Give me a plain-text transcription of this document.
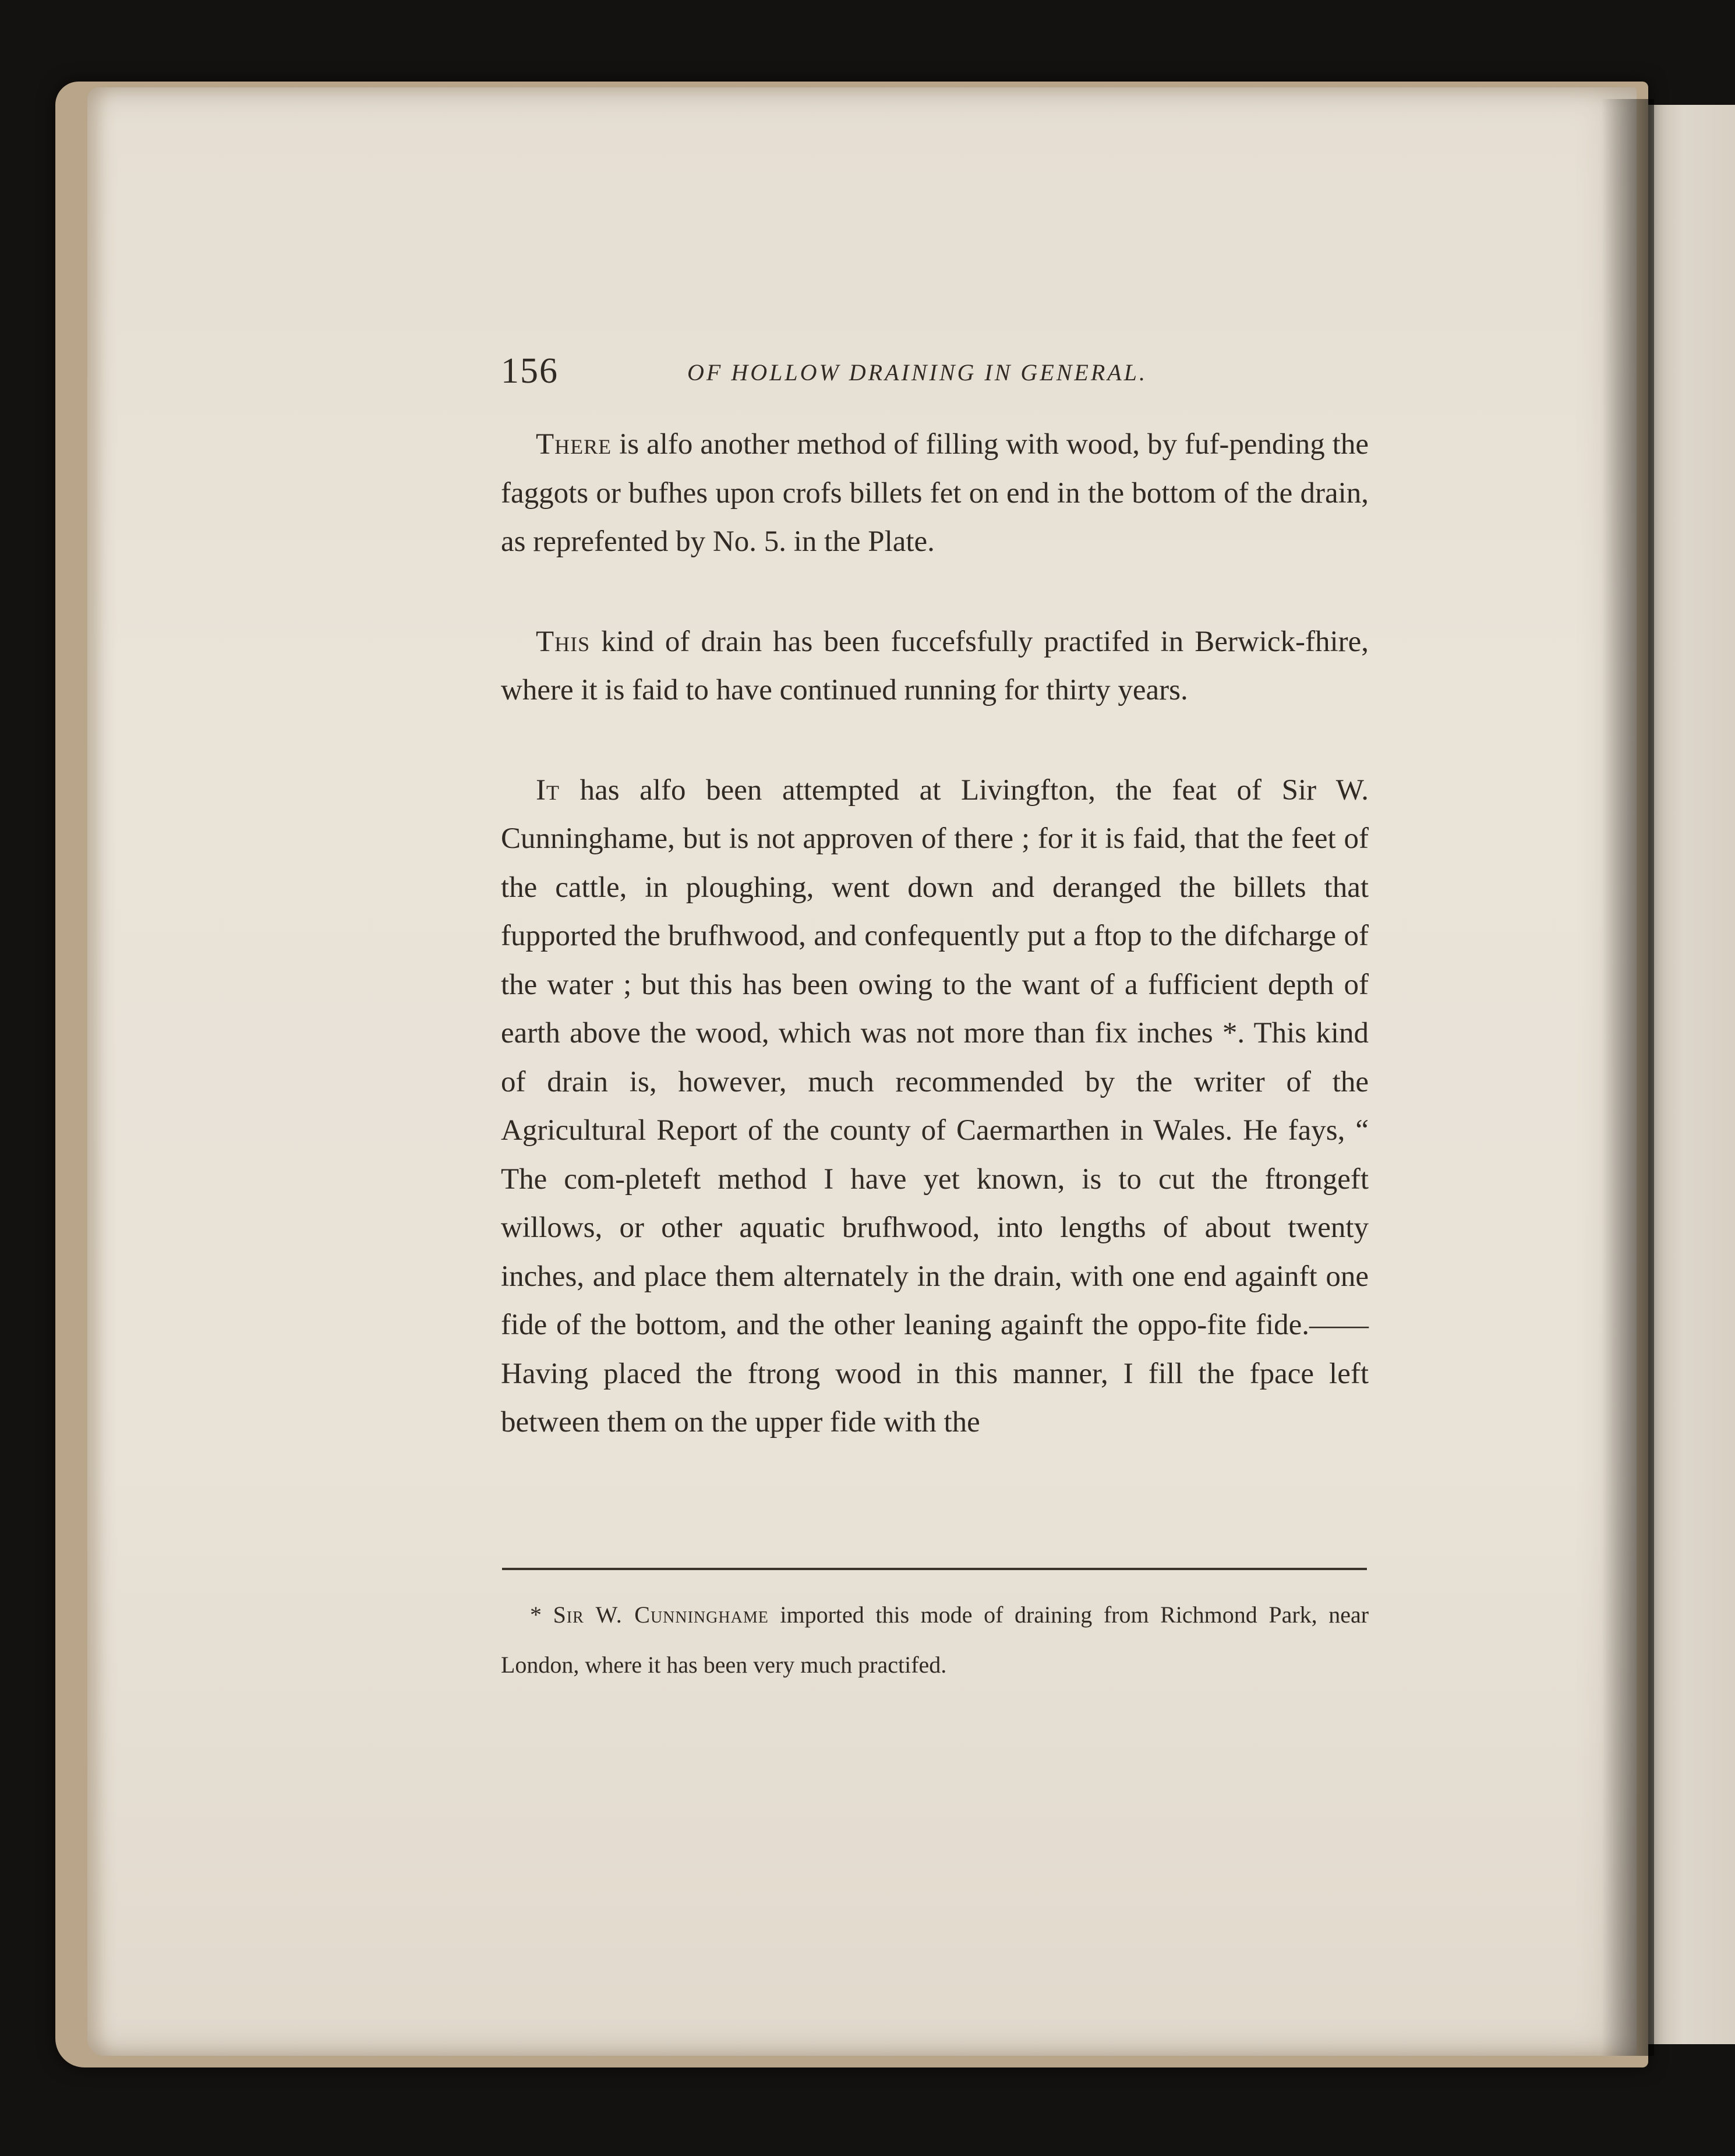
156	OF HOLLOW DRAINING IN GENERAL.

There is alfo another method of filling with wood, by fuf-pending the faggots or bufhes upon crofs billets fet on end in the bottom of the drain, as reprefented by No. 5. in the Plate.

This kind of drain has been fuccefsfully practifed in Berwick-fhire, where it is faid to have continued running for thirty years.

It has alfo been attempted at Livingfton, the feat of Sir W. Cunninghame, but is not approven of there ; for it is faid, that the feet of the cattle, in ploughing, went down and deranged the billets that fupported the brufhwood, and confequently put a ftop to the difcharge of the water ; but this has been owing to the want of a fufficient depth of earth above the wood, which was not more than fix inches *. This kind of drain is, however, much recommended by the writer of the Agricultural Report of the county of Caermarthen in Wales. He fays, “ The com-pleteft method I have yet known, is to cut the ftrongeft willows, or other aquatic brufhwood, into lengths of about twenty inches, and place them alternately in the drain, with one end againft one fide of the bottom, and the other leaning againft the oppo-fite fide.——Having placed the ftrong wood in this manner, I fill the fpace left between them on the upper fide with the

* Sir W. Cunninghame imported this mode of draining from Richmond Park, near London, where it has been very much practifed.
